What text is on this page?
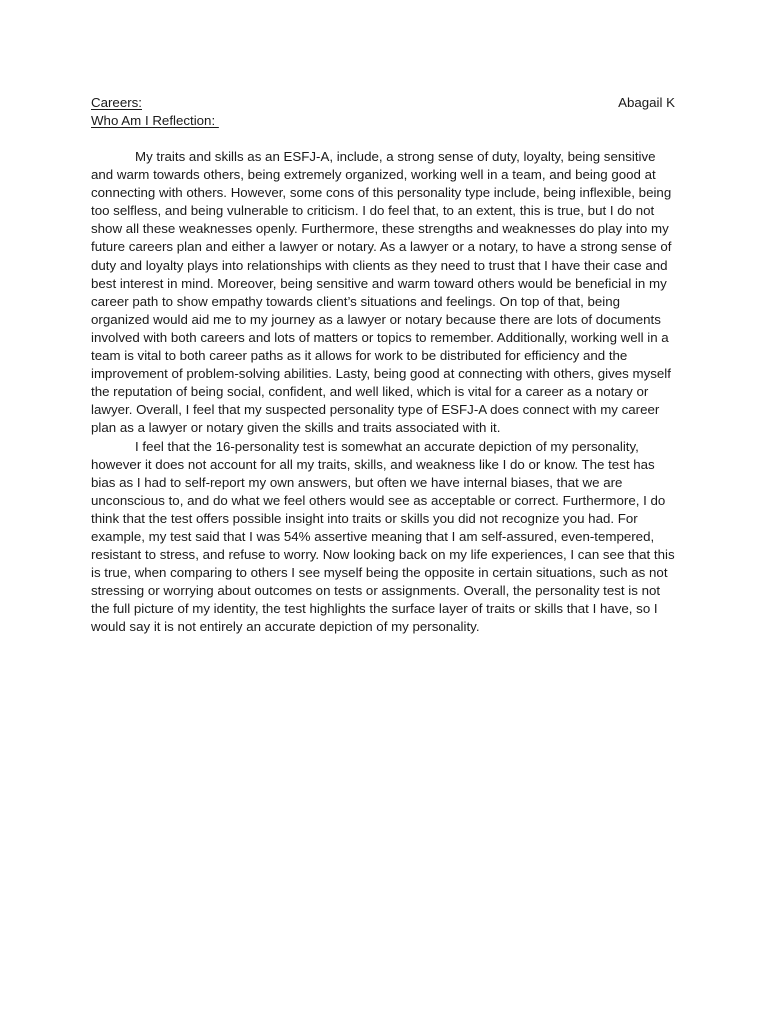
Careers:	Abagail K
Who Am I Reflection:

My traits and skills as an ESFJ-A, include, a strong sense of duty, loyalty, being sensitive and warm towards others, being extremely organized, working well in a team, and being good at connecting with others. However, some cons of this personality type include, being inflexible, being too selfless, and being vulnerable to criticism. I do feel that, to an extent, this is true, but I do not show all these weaknesses openly. Furthermore, these strengths and weaknesses do play into my future careers plan and either a lawyer or notary. As a lawyer or a notary, to have a strong sense of duty and loyalty plays into relationships with clients as they need to trust that I have their case and best interest in mind. Moreover, being sensitive and warm toward others would be beneficial in my career path to show empathy towards client’s situations and feelings. On top of that, being organized would aid me to my journey as a lawyer or notary because there are lots of documents involved with both careers and lots of matters or topics to remember. Additionally, working well in a team is vital to both career paths as it allows for work to be distributed for efficiency and the improvement of problem-solving abilities. Lasty, being good at connecting with others, gives myself the reputation of being social, confident, and well liked, which is vital for a career as a notary or lawyer. Overall, I feel that my suspected personality type of ESFJ-A does connect with my career plan as a lawyer or notary given the skills and traits associated with it.

I feel that the 16-personality test is somewhat an accurate depiction of my personality, however it does not account for all my traits, skills, and weakness like I do or know. The test has bias as I had to self-report my own answers, but often we have internal biases, that we are unconscious to, and do what we feel others would see as acceptable or correct. Furthermore, I do think that the test offers possible insight into traits or skills you did not recognize you had. For example, my test said that I was 54% assertive meaning that I am self-assured, even-tempered, resistant to stress, and refuse to worry. Now looking back on my life experiences, I can see that this is true, when comparing to others I see myself being the opposite in certain situations, such as not stressing or worrying about outcomes on tests or assignments. Overall, the personality test is not the full picture of my identity, the test highlights the surface layer of traits or skills that I have, so I would say it is not entirely an accurate depiction of my personality.
